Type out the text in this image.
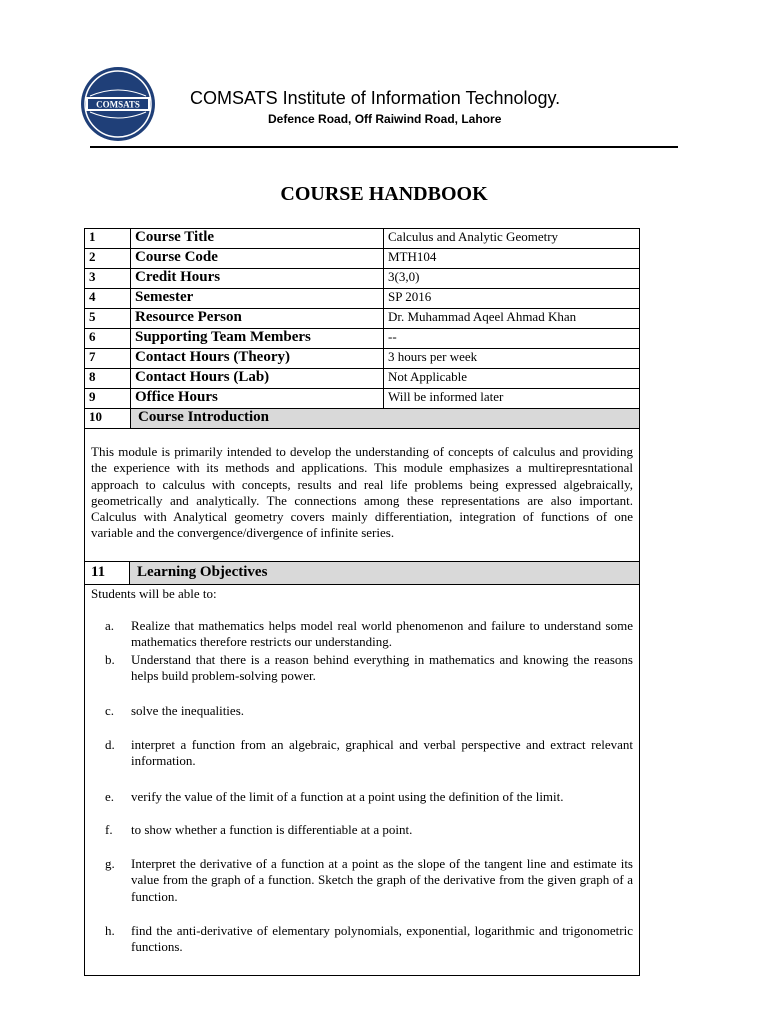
COMSATS	COMSATS Institute of Information Technology.
Defence Road, Off Raiwind Road, Lahore
COURSE HANDBOOK
1	Course Title	Calculus and Analytic Geometry
2	Course Code	MTH104
3	Credit Hours	3(3,0)
4	Semester	SP 2016
5	Resource Person	Dr. Muhammad Aqeel Ahmad Khan
6	Supporting Team Members	--
7	Contact Hours (Theory)	3 hours per week
8	Contact Hours (Lab)	Not Applicable
9	Office Hours	Will be informed later
10	Course Introduction	
This module is primarily intended to develop the understanding of concepts of calculus and providing the experience with its methods and applications. This module emphasizes a multirepresntational approach to calculus with concepts, results and real life problems being expressed algebraically, geometrically and analytically. The connections among these representations are also important. Calculus with Analytical geometry covers mainly differentiation, integration of functions of one variable and the convergence/divergence of infinite series.
11	Learning Objectives
Students will be able to:
a.	Realize that mathematics helps model real world phenomenon and failure to understand some mathematics therefore restricts our understanding.
b.	Understand that there is a reason behind everything in mathematics and knowing the reasons helps build problem-solving power.
c.	solve the inequalities.
d.	interpret a function from an algebraic, graphical and verbal perspective and extract relevant information.
e.	verify the value of the limit of a function at a point using the definition of the limit.
f.	to show whether a function is differentiable at a point.
g.	Interpret the derivative of a function at a point as the slope of the tangent line and estimate its value from the graph of a function. Sketch the graph of the derivative from the given graph of a function.
h.	find the anti-derivative of elementary polynomials, exponential, logarithmic and trigonometric functions.
